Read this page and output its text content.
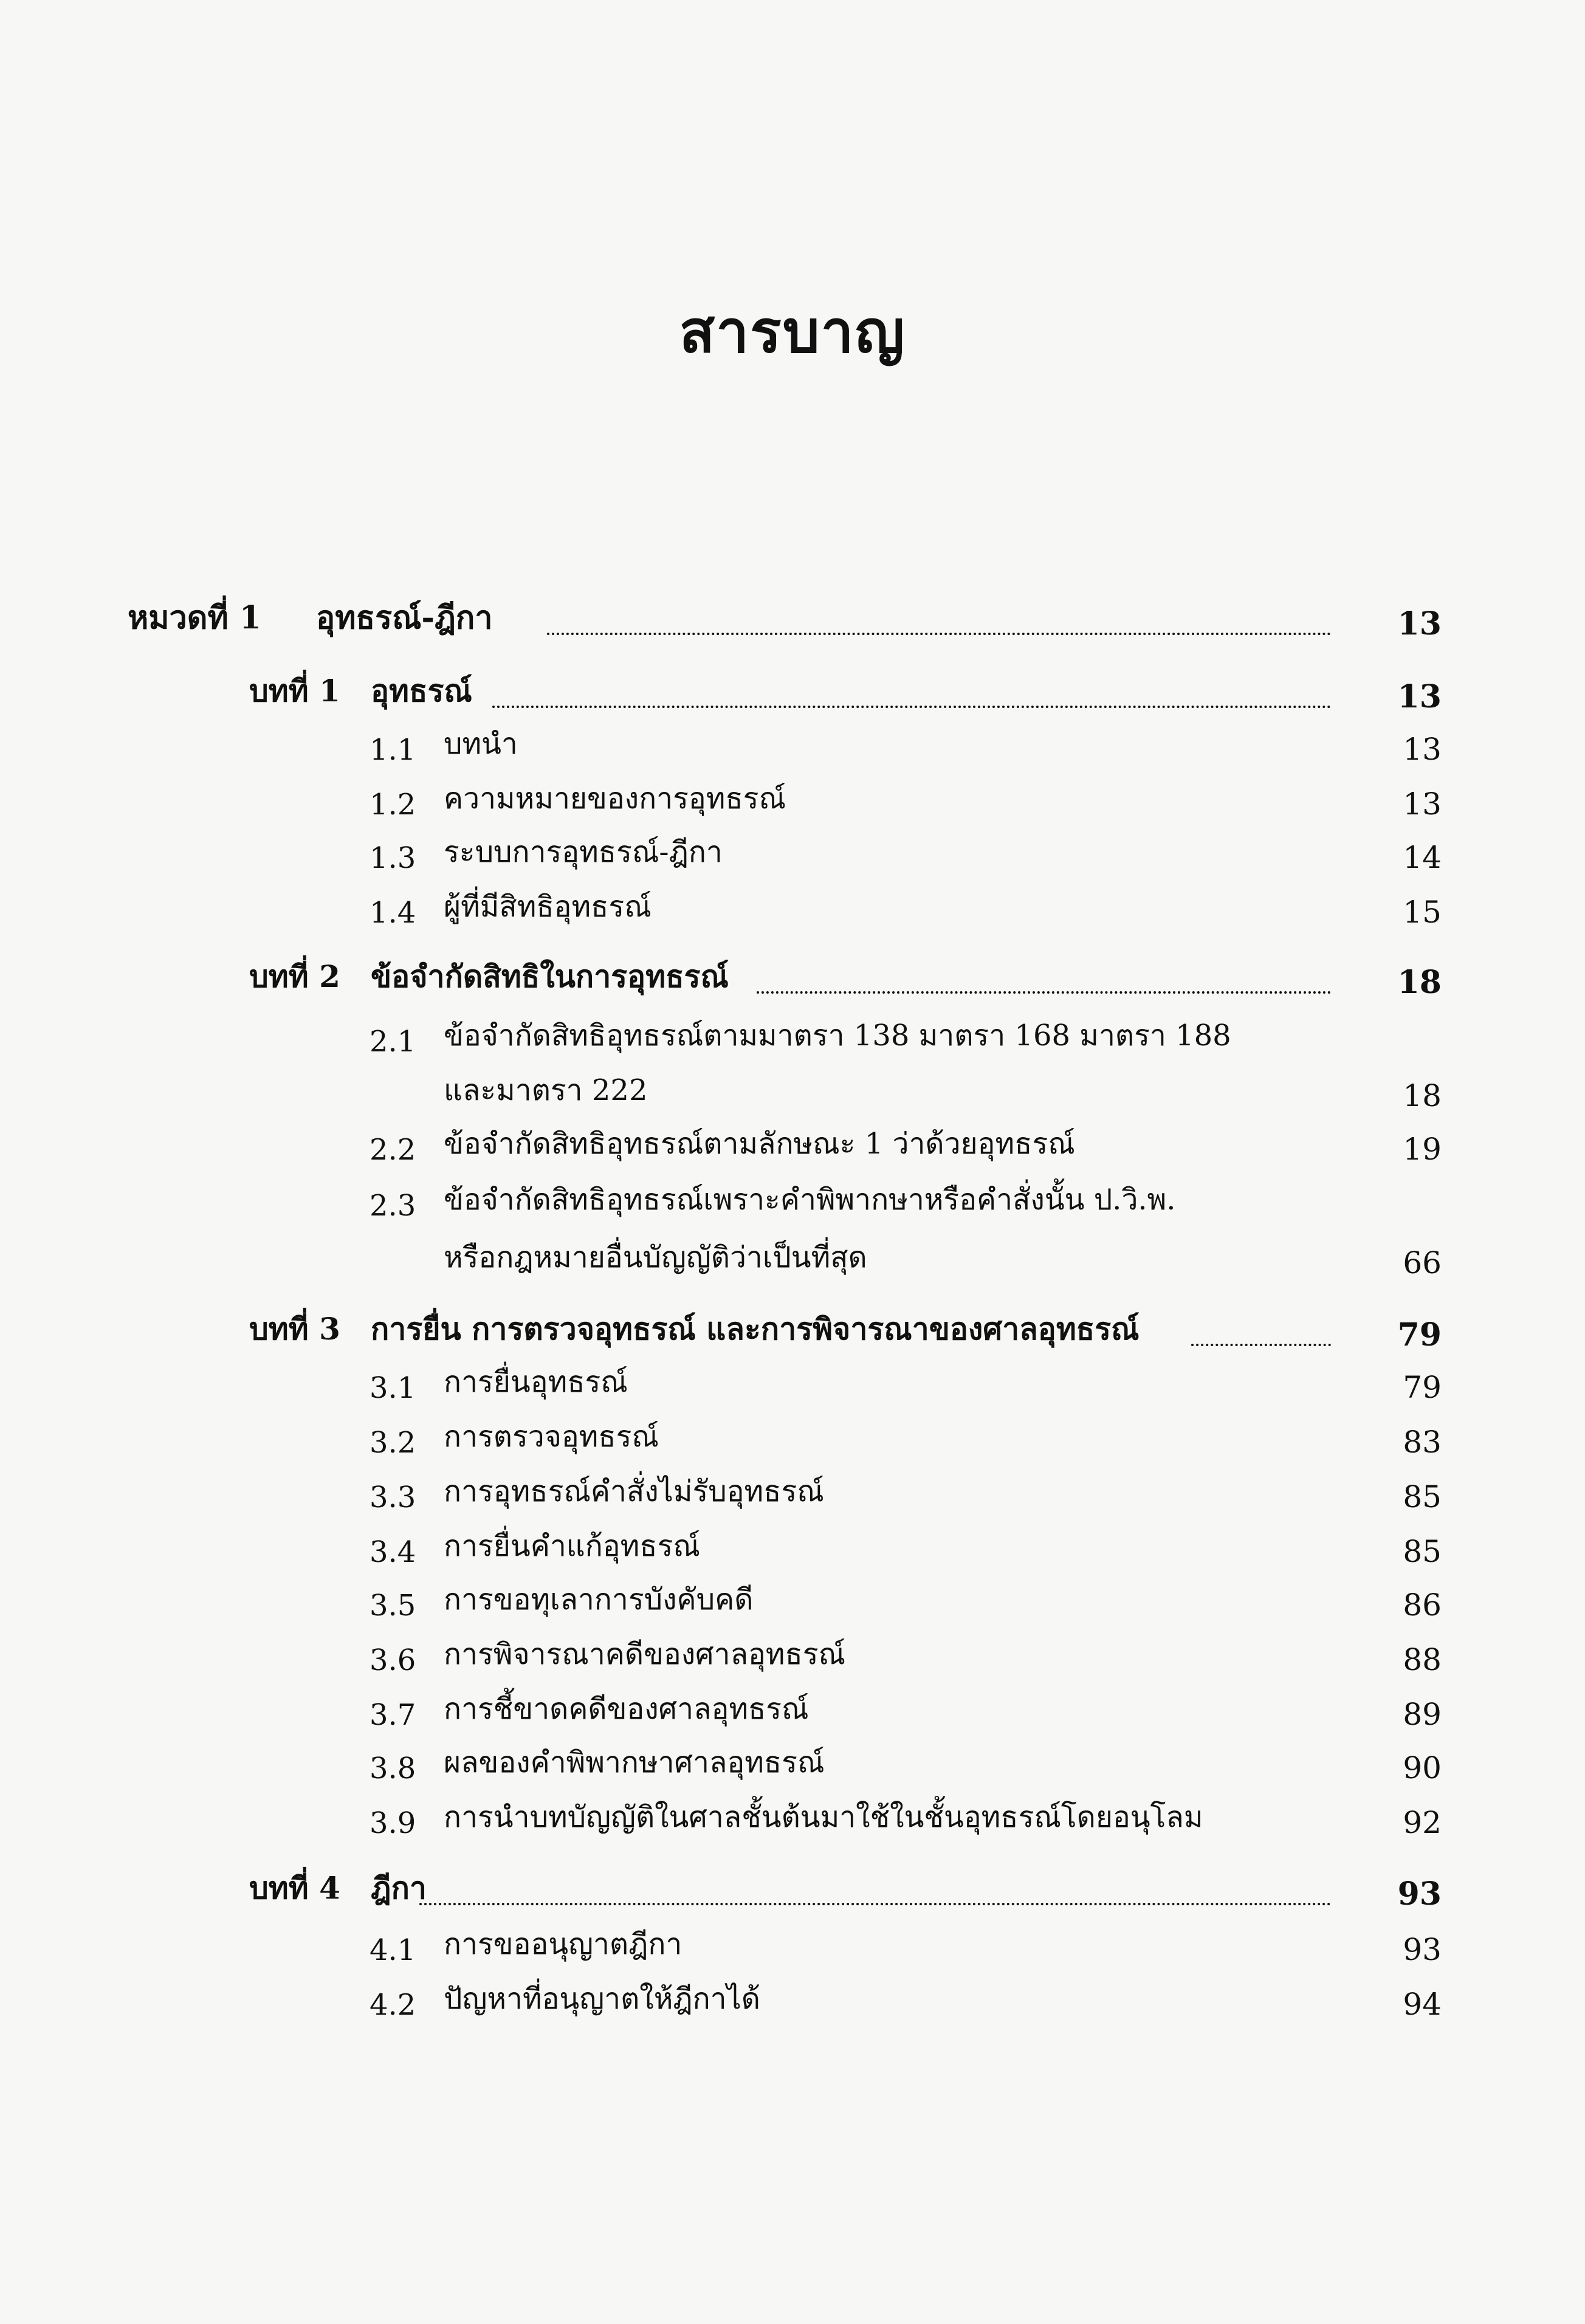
สารบาญ
หมวดที่ 1 อุทธรณ์-ฎีกา	13
บทที่ 1 อุทธรณ์	13
1.1 บทนำ	13
1.2 ความหมายของการอุทธรณ์	13
1.3 ระบบการอุทธรณ์-ฎีกา	14
1.4 ผู้ที่มีสิทธิอุทธรณ์	15
บทที่ 2 ข้อจำกัดสิทธิในการอุทธรณ์	18
2.1 ข้อจำกัดสิทธิอุทธรณ์ตามมาตรา 138 มาตรา 168 มาตรา 188
และมาตรา 222	18
2.2 ข้อจำกัดสิทธิอุทธรณ์ตามลักษณะ 1 ว่าด้วยอุทธรณ์	19
2.3 ข้อจำกัดสิทธิอุทธรณ์เพราะคำพิพากษาหรือคำสั่งนั้น ป.วิ.พ.
หรือกฎหมายอื่นบัญญัติว่าเป็นที่สุด	66
บทที่ 3 การยื่น การตรวจอุทธรณ์ และการพิจารณาของศาลอุทธรณ์	79
3.1 การยื่นอุทธรณ์	79
3.2 การตรวจอุทธรณ์	83
3.3 การอุทธรณ์คำสั่งไม่รับอุทธรณ์	85
3.4 การยื่นคำแก้อุทธรณ์	85
3.5 การขอทุเลาการบังคับคดี	86
3.6 การพิจารณาคดีของศาลอุทธรณ์	88
3.7 การชี้ขาดคดีของศาลอุทธรณ์	89
3.8 ผลของคำพิพากษาศาลอุทธรณ์	90
3.9 การนำบทบัญญัติในศาลชั้นต้นมาใช้ในชั้นอุทธรณ์โดยอนุโลม	92
บทที่ 4 ฎีกา	93
4.1 การขออนุญาตฎีกา	93
4.2 ปัญหาที่อนุญาตให้ฎีกาได้	94
